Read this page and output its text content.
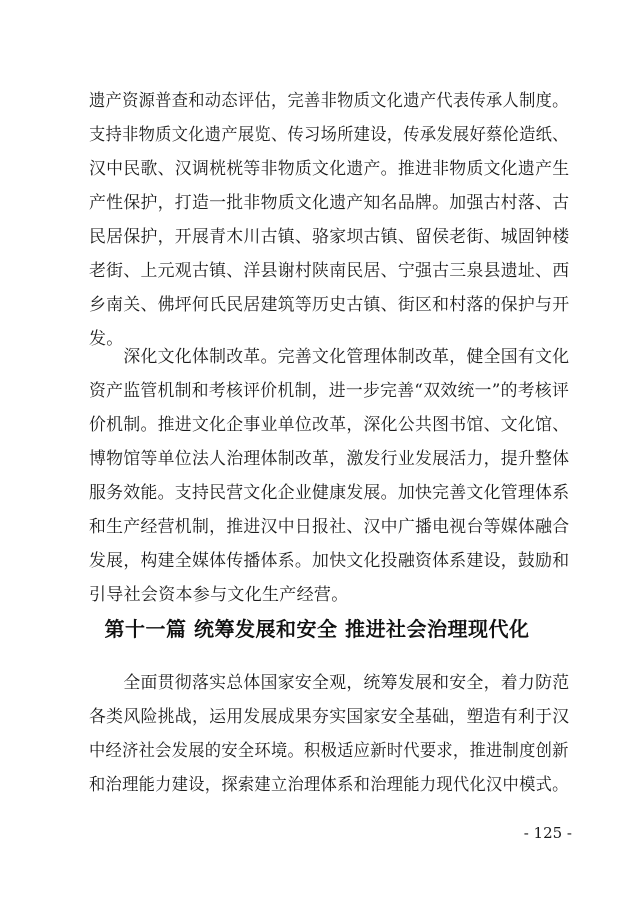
遗产资源普查和动态评估，完善非物质文化遗产代表传承人制度。
支持非物质文化遗产展览、传习场所建设，传承发展好蔡伦造纸、
汉中民歌、汉调桄桄等非物质文化遗产。推进非物质文化遗产生
产性保护，打造一批非物质文化遗产知名品牌。加强古村落、古
民居保护，开展青木川古镇、骆家坝古镇、留侯老街、城固钟楼
老街、上元观古镇、洋县谢村陕南民居、宁强古三泉县遗址、西
乡南关、佛坪何氏民居建筑等历史古镇、街区和村落的保护与开
发。
　　深化文化体制改革。完善文化管理体制改革，健全国有文化
资产监管机制和考核评价机制，进一步完善“双效统一”的考核评
价机制。推进文化企事业单位改革，深化公共图书馆、文化馆、
博物馆等单位法人治理体制改革，激发行业发展活力，提升整体
服务效能。支持民营文化企业健康发展。加快完善文化管理体系
和生产经营机制，推进汉中日报社、汉中广播电视台等媒体融合
发展，构建全媒体传播体系。加快文化投融资体系建设，鼓励和
引导社会资本参与文化生产经营。
第十一篇 统筹发展和安全 推进社会治理现代化
　　全面贯彻落实总体国家安全观，统筹发展和安全，着力防范
各类风险挑战，运用发展成果夯实国家安全基础，塑造有利于汉
中经济社会发展的安全环境。积极适应新时代要求，推进制度创新
和治理能力建设，探索建立治理体系和治理能力现代化汉中模式。
- 125 -
